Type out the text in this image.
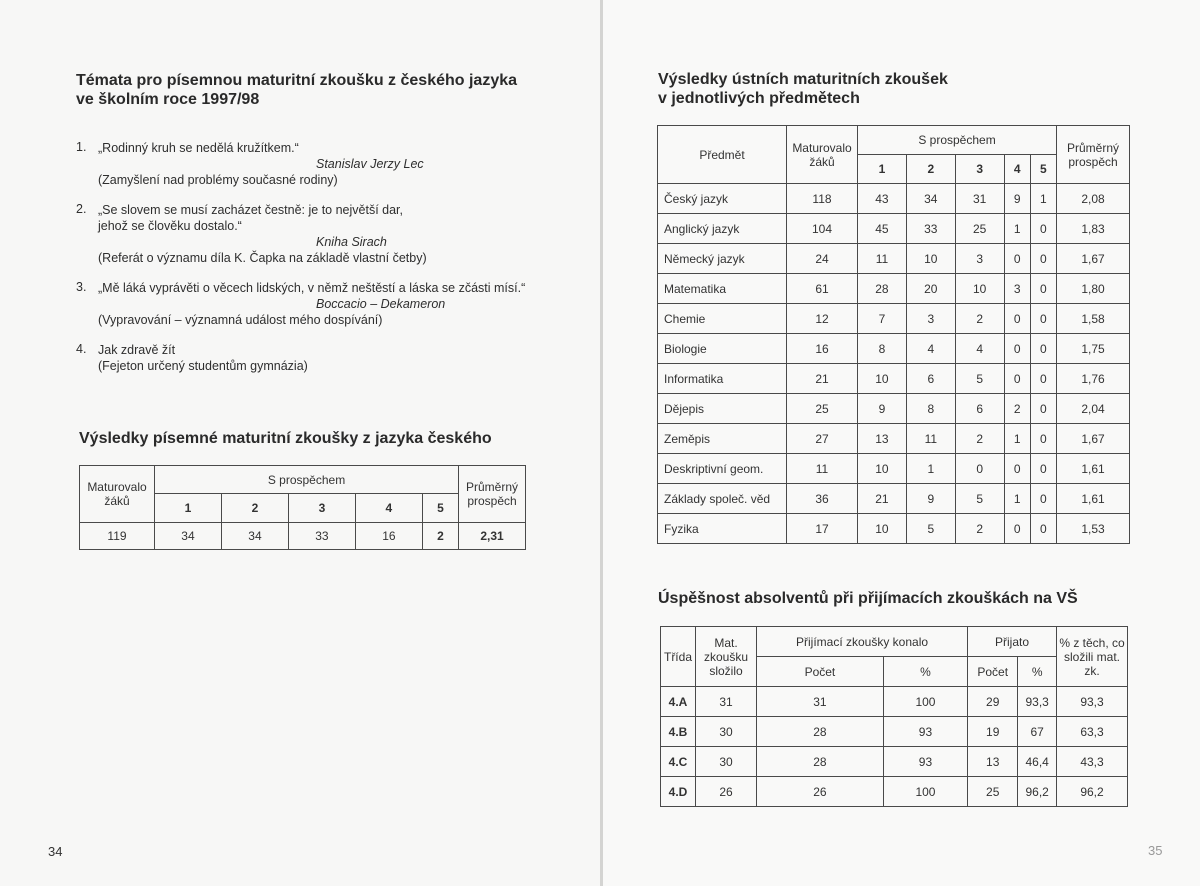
Témata pro písemnou maturitní zkoušku z českého jazyka
ve školním roce 1997/98
1. „Rodinný kruh se nedělá kružítkem.“
Stanislav Jerzy Lec
(Zamyšlení nad problémy současné rodiny)
2. „Se slovem se musí zacházet čestně: je to největší dar,
jehož se člověku dostalo.“
Kniha Sirach
(Referát o významu díla K. Čapka na základě vlastní četby)
3. „Mě láká vyprávěti o věcech lidských, v němž neštěstí a láska se zčásti mísí.“
Boccacio – Dekameron
(Vypravování – významná událost mého dospívání)
4. Jak zdravě žít
(Fejeton určený studentům gymnázia)
Výsledky písemné maturitní zkoušky z jazyka českého
Maturovalo žáků	S prospěchem					Průměrný prospěch
	1	2	3	4	5	
119	34	34	33	16	2	2,31
34
Výsledky ústních maturitních zkoušek
v jednotlivých předmětech
Předmět	Maturovalo žáků	S prospěchem					Průměrný prospěch
		1	2	3	4	5	
Český jazyk	118	43	34	31	9	1	2,08
Anglický jazyk	104	45	33	25	1	0	1,83
Německý jazyk	24	11	10	3	0	0	1,67
Matematika	61	28	20	10	3	0	1,80
Chemie	12	7	3	2	0	0	1,58
Biologie	16	8	4	4	0	0	1,75
Informatika	21	10	6	5	0	0	1,76
Dějepis	25	9	8	6	2	0	2,04
Zeměpis	27	13	11	2	1	0	1,67
Deskriptivní geom.	11	10	1	0	0	0	1,61
Základy společ. věd	36	21	9	5	1	0	1,61
Fyzika	17	10	5	2	0	0	1,53
Úspěšnost absolventů při přijímacích zkouškách na VŠ
Třída	Mat. zkoušku složilo	Přijímací zkoušky konalo		Přijato		% z těch, co složili mat. zk.
		Počet	%	Počet	%	
4.A	31	31	100	29	93,3	93,3
4.B	30	28	93	19	67	63,3
4.C	30	28	93	13	46,4	43,3
4.D	26	26	100	25	96,2	96,2
35
